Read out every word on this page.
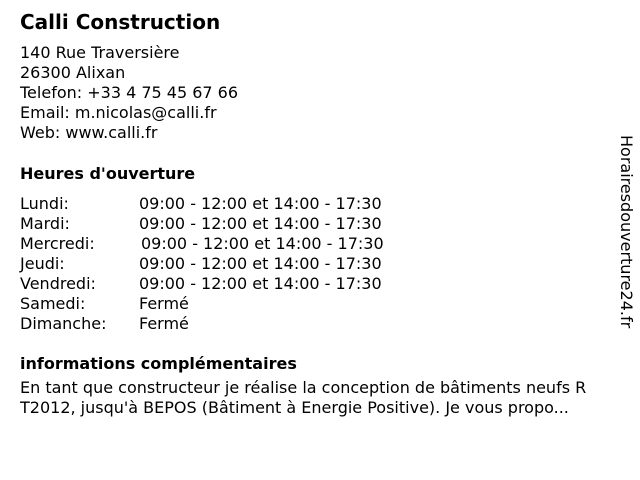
Calli Construction
140 Rue Traversière
26300 Alixan
Telefon: +33 4 75 45 67 66
Email: m.nicolas@calli.fr
Web: www.calli.fr
Heures d'ouverture
Lundi:	09:00 - 12:00 et 14:00 - 17:30
Mardi:	09:00 - 12:00 et 14:00 - 17:30
Mercredi:	09:00 - 12:00 et 14:00 - 17:30
Jeudi:	09:00 - 12:00 et 14:00 - 17:30
Vendredi:	09:00 - 12:00 et 14:00 - 17:30
Samedi:	Fermé
Dimanche: Fermé
informations complémentaires
En tant que constructeur je réalise la conception de bâtiments neufs R
T2012, jusqu'à BEPOS (Bâtiment à Energie Positive). Je vous propo...
Horairesdouverture24.fr
